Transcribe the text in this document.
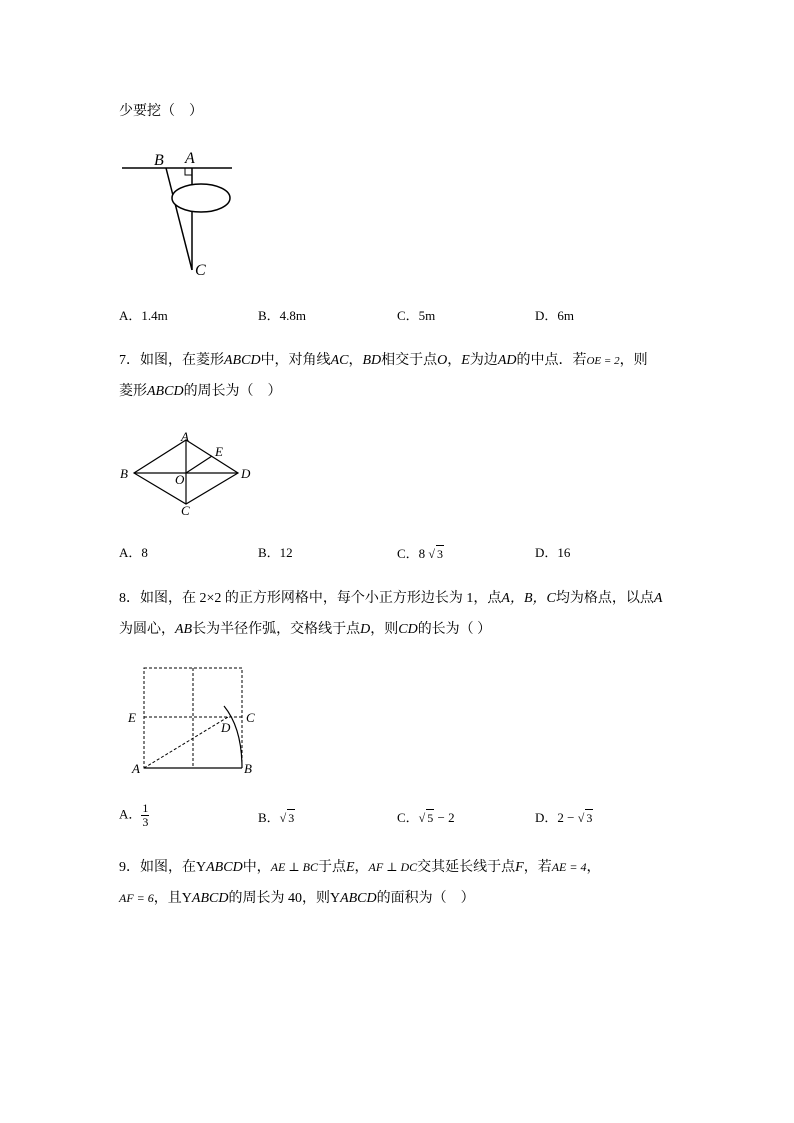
少要挖（　）
B A
C
A．1.4m	B．4.8m	C．5m	D．6m
7．如图，在菱形ABCD中，对角线AC，BD相交于点O，E为边AD的中点．若OE = 2，则
菱形ABCD的周长为（　）
A
E
B	O	D
C
A．8	B．12	C．8 √ 3	D．16
8．如图，在 2×2 的正方形网格中，每个小正方形边长为 1，点A，B，C均为格点，以点A
为圆心，AB长为半径作弧，交格线于点D，则CD的长为（ ）
E	C
D
A	B
A． $\frac{1}{3}$	B．√ 3	C．√ 5 − 2	D．2 − √ 3
9．如图，在YABCD中，AE ⊥ BC于点E，AF ⊥ DC交其延长线于点F，若AE = 4，
AF = 6，且YABCD的周长为 40，则YABCD的面积为（　）
